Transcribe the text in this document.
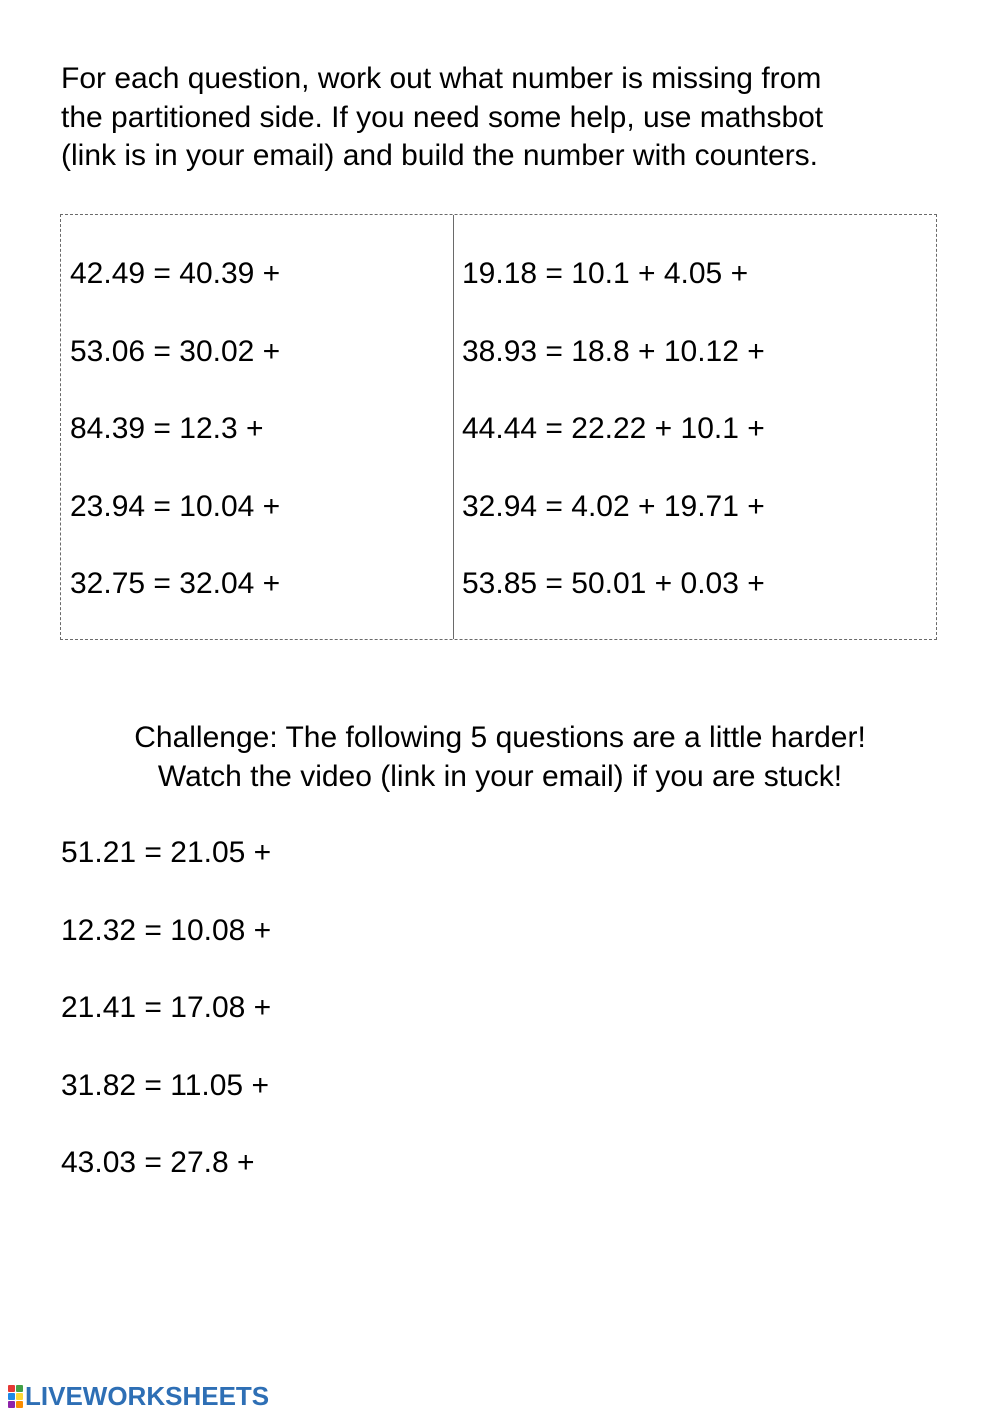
For each question, work out what number is missing from
the partitioned side. If you need some help, use mathsbot
(link is in your email) and build the number with counters.
42.49 = 40.39 +
53.06 = 30.02 +
84.39 = 12.3 +
23.94 = 10.04 +
32.75 = 32.04 +
19.18 = 10.1 + 4.05 +
38.93 = 18.8 + 10.12 +
44.44 = 22.22 + 10.1 +
32.94 = 4.02 + 19.71 +
53.85 = 50.01 + 0.03 +
Challenge: The following 5 questions are a little harder!
Watch the video (link in your email) if you are stuck!
51.21 = 21.05 +
12.32 = 10.08 +
21.41 = 17.08 +
31.82 = 11.05 +
43.03 = 27.8 +
LIVEWORKSHEETS
